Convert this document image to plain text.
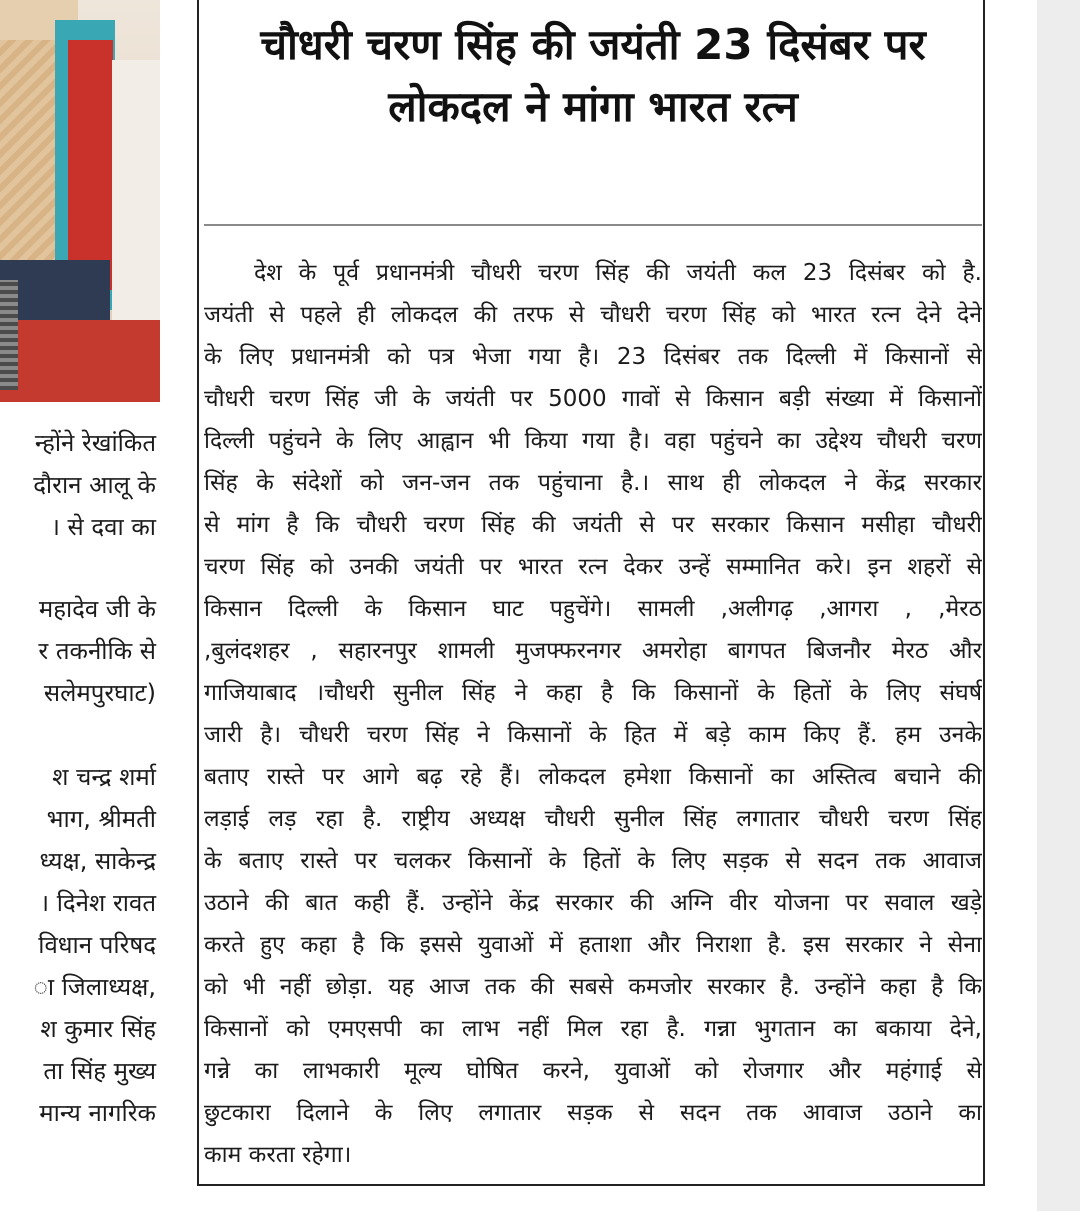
न्होंने रेखांकित
दौरान आलू के
। से दवा का
महादेव जी के
र तकनीकि से
सलेमपुरघाट)
श चन्द्र शर्मा
भाग, श्रीमती
ध्यक्ष, साकेन्द्र
। दिनेश रावत
विधान परिषद
ा जिलाध्यक्ष,
श कुमार सिंह
ता सिंह मुख्य
मान्य नागरिक
चौधरी चरण सिंह की जयंती 23 दिसंबर पर
लोकदल ने मांगा भारत रत्न
देश के पूर्व प्रधानमंत्री चौधरी चरण सिंह की जयंती कल 23 दिसंबर को है.
जयंती से पहले ही लोकदल की तरफ से चौधरी चरण सिंह को भारत रत्न देने देने
के लिए प्रधानमंत्री को पत्र भेजा गया है। 23 दिसंबर तक दिल्ली में किसानों से
चौधरी चरण सिंह जी के जयंती पर 5000 गावों से किसान बड़ी संख्या में किसानों
दिल्ली पहुंचने के लिए आह्वान भी किया गया है। वहा पहुंचने का उद्देश्य चौधरी चरण
सिंह के संदेशों को जन-जन तक पहुंचाना है.। साथ ही लोकदल ने केंद्र सरकार
से मांग है कि चौधरी चरण सिंह की जयंती से पर सरकार किसान मसीहा चौधरी
चरण सिंह को उनकी जयंती पर भारत रत्न देकर उन्हें सम्मानित करे। इन शहरों से
किसान दिल्ली के किसान घाट पहुचेंगे। सामली ,अलीगढ़ ,आगरा , ,मेरठ
,बुलंदशहर , सहारनपुर शामली मुजफ्फरनगर अमरोहा बागपत बिजनौर मेरठ और
गाजियाबाद ।चौधरी सुनील सिंह ने कहा है कि किसानों के हितों के लिए संघर्ष
जारी है। चौधरी चरण सिंह ने किसानों के हित में बड़े काम किए हैं. हम उनके
बताए रास्ते पर आगे बढ़ रहे हैं। लोकदल हमेशा किसानों का अस्तित्व बचाने की
लड़ाई लड़ रहा है. राष्ट्रीय अध्यक्ष चौधरी सुनील सिंह लगातार चौधरी चरण सिंह
के बताए रास्ते पर चलकर किसानों के हितों के लिए सड़क से सदन तक आवाज
उठाने की बात कही हैं. उन्होंने केंद्र सरकार की अग्नि वीर योजना पर सवाल खड़े
करते हुए कहा है कि इससे युवाओं में हताशा और निराशा है. इस सरकार ने सेना
को भी नहीं छोड़ा. यह आज तक की सबसे कमजोर सरकार है. उन्होंने कहा है कि
किसानों को एमएसपी का लाभ नहीं मिल रहा है. गन्ना भुगतान का बकाया देने,
गन्ने का लाभकारी मूल्य घोषित करने, युवाओं को रोजगार और महंगाई से
छुटकारा दिलाने के लिए लगातार सड़क से सदन तक आवाज उठाने का
काम करता रहेगा।
